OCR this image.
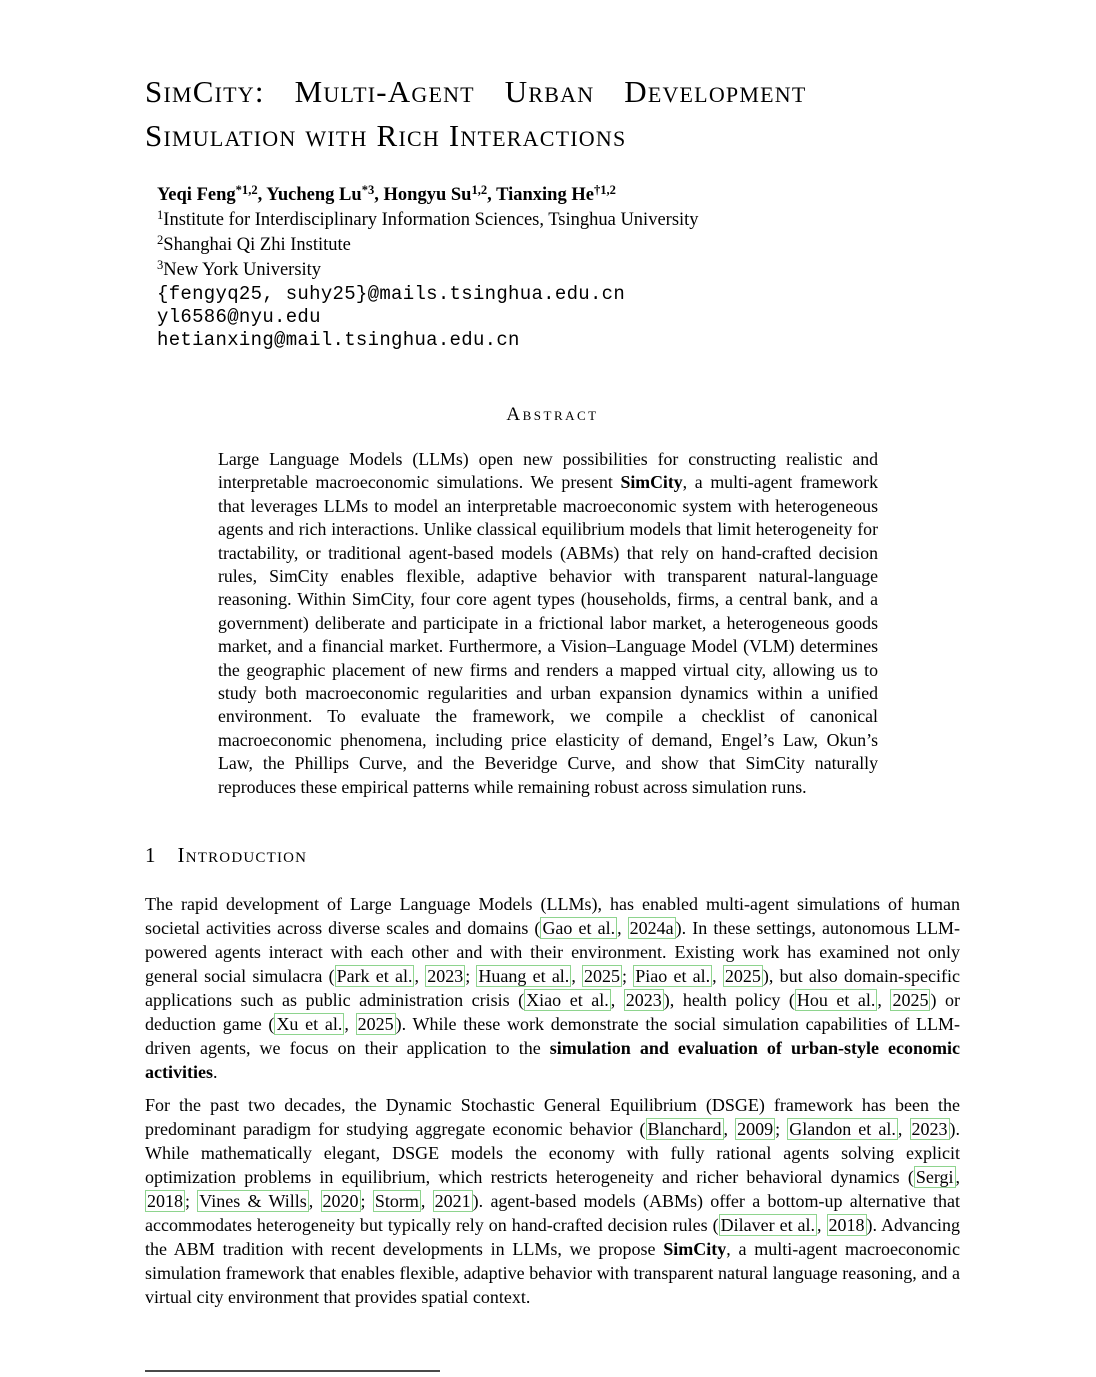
SimCity: Multi-Agent Urban Development
Simulation with Rich Interactions
Yeqi Feng$^{*1,2}$, Yucheng Lu$^{*3}$, Hongyu Su$^{1,2}$, Tianxing He$^{\dagger 1,2}$
$^1$Institute for Interdisciplinary Information Sciences, Tsinghua University
$^2$Shanghai Qi Zhi Institute
$^3$New York University
{fengyq25, suhy25}@mails.tsinghua.edu.cn
yl6586@nyu.edu
hetianxing@mail.tsinghua.edu.cn
Abstract
Large Language Models (LLMs) open new possibilities for constructing realistic and interpretable macroeconomic simulations. We present SimCity, a multi-agent framework that leverages LLMs to model an interpretable macroeconomic system with heterogeneous agents and rich interactions. Unlike classical equilibrium models that limit heterogeneity for tractability, or traditional agent-based models (ABMs) that rely on hand-crafted decision rules, SimCity enables flexible, adaptive behavior with transparent natural-language reasoning. Within SimCity, four core agent types (households, firms, a central bank, and a government) deliberate and participate in a frictional labor market, a heterogeneous goods market, and a financial market. Furthermore, a Vision–Language Model (VLM) determines the geographic placement of new firms and renders a mapped virtual city, allowing us to study both macroeconomic regularities and urban expansion dynamics within a unified environment. To evaluate the framework, we compile a checklist of canonical macroeconomic phenomena, including price elasticity of demand, Engel’s Law, Okun’s Law, the Phillips Curve, and the Beveridge Curve, and show that SimCity naturally reproduces these empirical patterns while remaining robust across simulation runs.
1 Introduction
The rapid development of Large Language Models (LLMs), has enabled multi-agent simulations of human societal activities across diverse scales and domains ( Gao et al. , 2024a ). In these settings, autonomous LLM-powered agents interact with each other and with their environment. Existing work has examined not only general social simulacra ( Park et al. , 2023 ; Huang et al. , 2025 ; Piao et al. , 2025 ), but also domain-specific applications such as public administration crisis ( Xiao et al. , 2023 ), health policy ( Hou et al. , 2025 ) or deduction game ( Xu et al. , 2025 ). While these work demonstrate the social simulation capabilities of LLM-driven agents, we focus on their application to the simulation and evaluation of urban-style economic activities.
For the past two decades, the Dynamic Stochastic General Equilibrium (DSGE) framework has been the predominant paradigm for studying aggregate economic behavior ( Blanchard , 2009 ; Glandon et al. , 2023 ). While mathematically elegant, DSGE models the economy with fully rational agents solving explicit optimization problems in equilibrium, which restricts heterogeneity and richer behavioral dynamics ( Sergi , 2018 ; Vines & Wills , 2020 ; Storm , 2021 ). agent-based models (ABMs) offer a bottom-up alternative that accommodates heterogeneity but typically rely on hand-crafted decision rules ( Dilaver et al. , 2018 ). Advancing the ABM tradition with recent developments in LLMs, we propose SimCity, a multi-agent macroeconomic simulation framework that enables flexible, adaptive behavior with transparent natural language reasoning, and a virtual city environment that provides spatial context.
